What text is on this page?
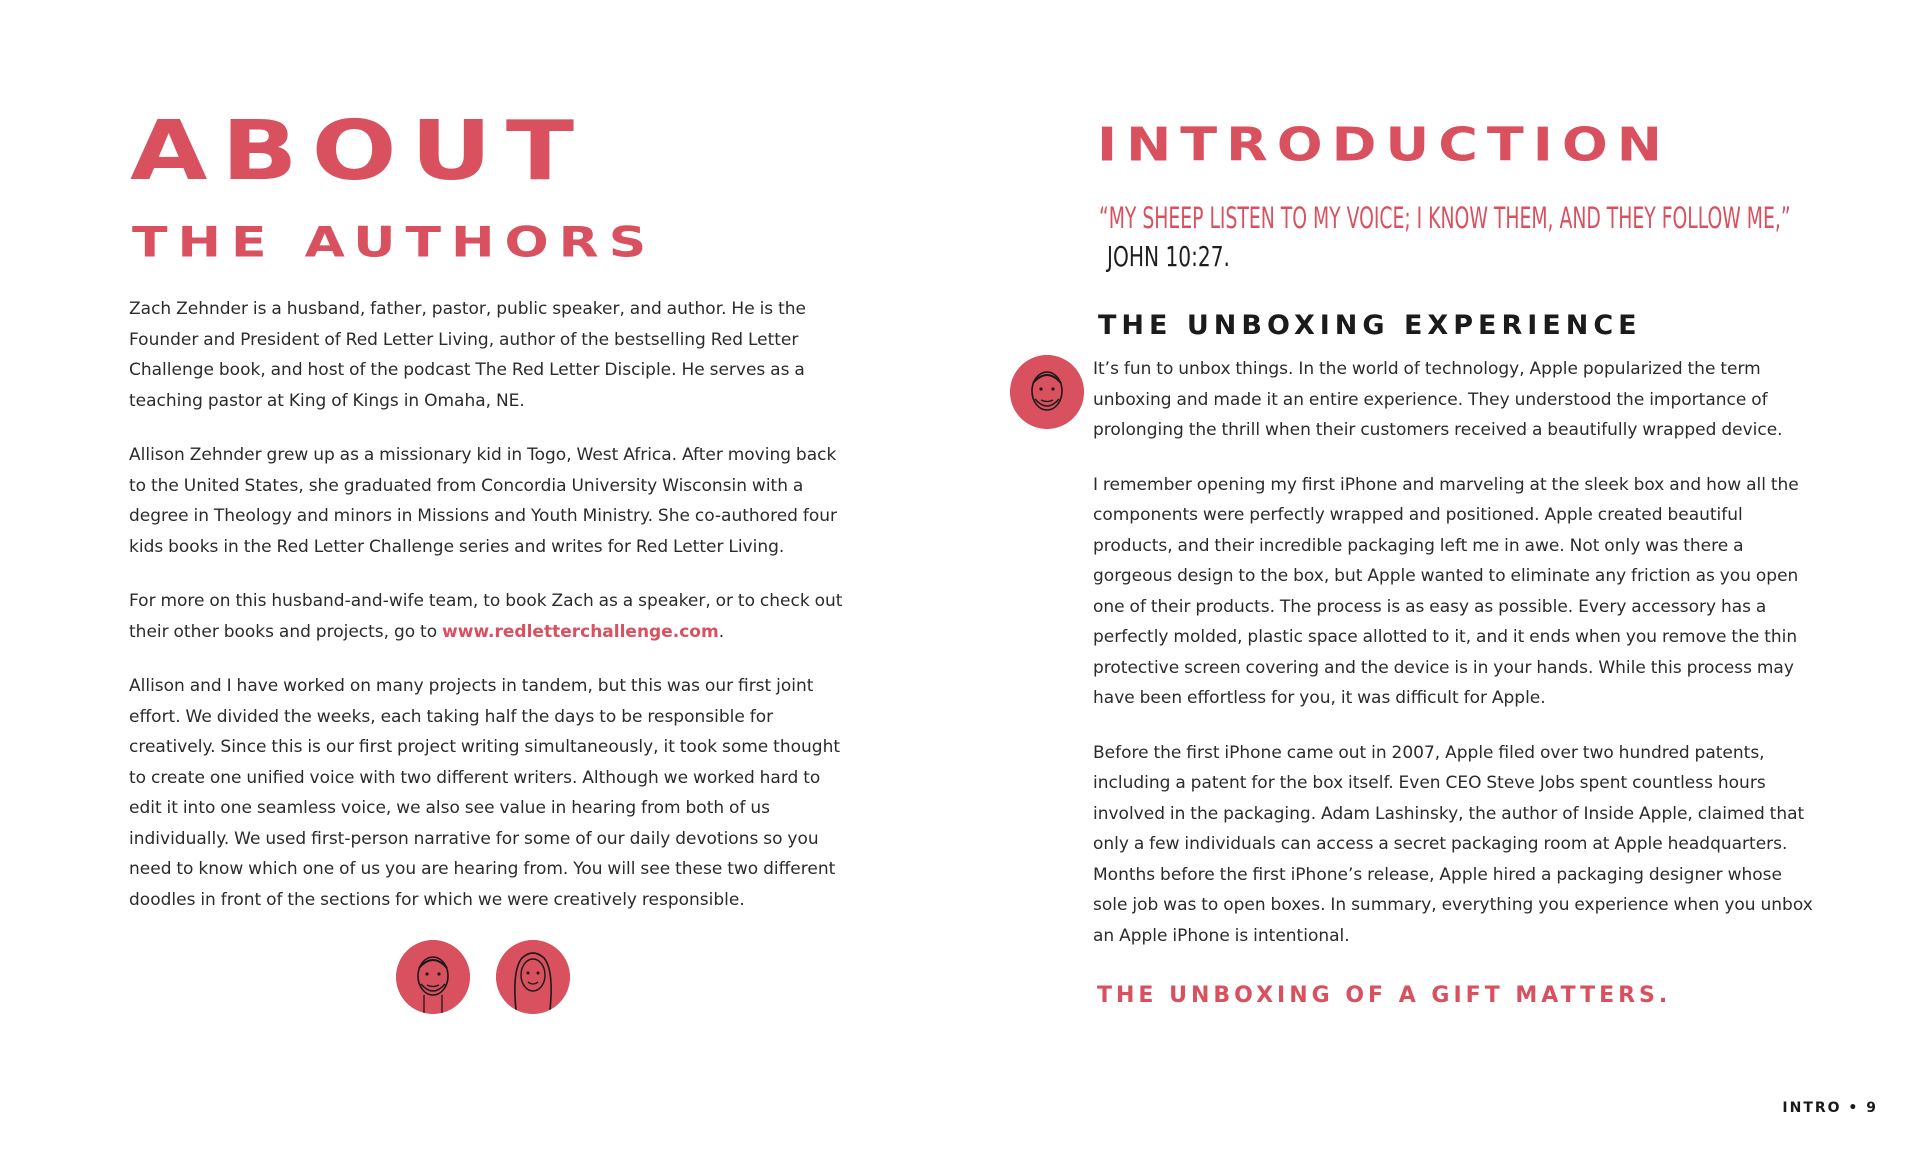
ABOUT
THE AUTHORS

Zach Zehnder is a husband, father, pastor, public speaker, and author. He is the Founder and President of Red Letter Living, author of the bestselling Red Letter Challenge book, and host of the podcast The Red Letter Disciple. He serves as a teaching pastor at King of Kings in Omaha, NE.

Allison Zehnder grew up as a missionary kid in Togo, West Africa. After moving back to the United States, she graduated from Concordia University Wisconsin with a degree in Theology and minors in Missions and Youth Ministry. She co-authored four kids books in the Red Letter Challenge series and writes for Red Letter Living.

For more on this husband-and-wife team, to book Zach as a speaker, or to check out their other books and projects, go to www.redletterchallenge.com.

Allison and I have worked on many projects in tandem, but this was our first joint effort. We divided the weeks, each taking half the days to be responsible for creatively. Since this is our first project writing simultaneously, it took some thought to create one unified voice with two different writers. Although we worked hard to edit it into one seamless voice, we also see value in hearing from both of us individually. We used first-person narrative for some of our daily devotions so you need to know which one of us you are hearing from. You will see these two different doodles in front of the sections for which we were creatively responsible.

INTRODUCTION
“MY SHEEP LISTEN TO MY VOICE; I KNOW THEM, AND THEY FOLLOW ME,”
JOHN 10:27.
THE UNBOXING EXPERIENCE

It’s fun to unbox things. In the world of technology, Apple popularized the term unboxing and made it an entire experience. They understood the importance of prolonging the thrill when their customers received a beautifully wrapped device.

I remember opening my first iPhone and marveling at the sleek box and how all the components were perfectly wrapped and positioned. Apple created beautiful products, and their incredible packaging left me in awe. Not only was there a gorgeous design to the box, but Apple wanted to eliminate any friction as you open one of their products. The process is as easy as possible. Every accessory has a perfectly molded, plastic space allotted to it, and it ends when you remove the thin protective screen covering and the device is in your hands. While this process may have been effortless for you, it was difficult for Apple.

Before the first iPhone came out in 2007, Apple filed over two hundred patents, including a patent for the box itself. Even CEO Steve Jobs spent countless hours involved in the packaging. Adam Lashinsky, the author of Inside Apple, claimed that only a few individuals can access a secret packaging room at Apple headquarters. Months before the first iPhone’s release, Apple hired a packaging designer whose sole job was to open boxes. In summary, everything you experience when you unbox an Apple iPhone is intentional.

THE UNBOXING OF A GIFT MATTERS.
INTRO • 9
